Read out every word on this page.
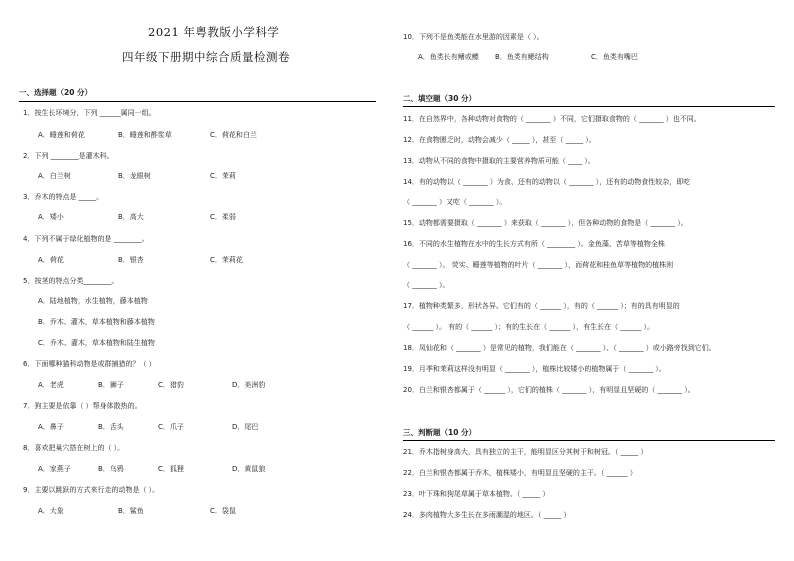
2021 年粤教版小学科学
四年级下册期中综合质量检测卷
一、选择题（20 分）
1．按生长环境分，下列 ______属同一组。
A．睡莲和荷花	B．睡莲和酢浆草	C．荷花和白兰
2．下列 ________是灌木科。
A．白兰树	B．龙眼树	C．茉莉
3．乔木的特点是 _____。
A．矮小	B．高大	C．柔弱
4．下列不属于绿化植物的是 ________。
A．荷花	B．银杏	C．茉莉花
5．按茎的特点分类________。
A．陆地植物，水生植物，藤本植物
B．乔木、灌木，草本植物和藤本植物
C．乔木、灌木，草本植物和陆生植物
6．下面哪种猫科动物是或群捕猎的？（ ）
A．老虎	B．狮子	C．猎豹	D．美洲豹
7．狗主要是依靠（ ）帮身体散热的。
A．鼻子	B．舌头	C．爪子	D．尾巴
8．喜欢把巢穴搭在树上的（ ）。
A．家燕子	B．乌鸦	C．狐狸	D．黄鼠狼
9．主要以跳跃的方式来行走的动物是（ ）。
A．大象	B．鲨鱼	C．袋鼠
10．下列不是鱼类能在水里游的因素是（ ）。
A．鱼类长有鳍或鳔 B．鱼类有鳃结构	C．鱼类有嘴巴
二、填空题（30 分）
11．在自然界中，各种动物对食物的（ _______ ）不同，它们摄取食物的（ _______ ）也不同。
12．在食物匮乏时，动物会减少（ _____ ），甚至（ _____ ）。
13．动物从不同的食物中摄取的主要营养物质可能（ ____ ）。
14．有的动物以（ _______ ）为食、还有的动物以（ _______ ），还有的动物食性较杂，即吃
（ _______ ）又吃（ _______ ）。
15．动物都需要摄取（ _______ ）来获取（ _______ ），但各种动物的食物是（ _______ ）。
16．不同的水生植物在水中的生长方式有所（ ________ ）。金鱼藻、苦草等植物全株
（ _______ ）。 荧实、睡莲等植物的叶片（ _______ ），而荷花和桂鱼草等植物的植株则
（ _______ ）。
17．植物种类繁多，形状各异。它们有的（ ______ ），有的（ ______ ）；有的具有明显的
（ ______ ）。 有的（ ______ ）；有的生长在（ ______ ），有生长在（ ______ ）。
18．凤仙花和（ _______ ）是常见的植物，我们能在（ _______ ）、（ _______ ）或小路旁找到它们。
19．月季和茉莉这样没有明显（ _______ ），植株比较矮小的植物属于（ _______ ）。
20．白兰和银杏都属于（ ______ ），它们的植株（ _______ ），有明显且坚硬的（ _______ ）。
三、判断题（10 分）
21．乔木指树身高大，具有独立的主干，能明显区分其树干和树冠。（ _____ ）
22．白兰和银杏都属于乔木，植株矮小，有明显且坚硬的主干。（ ______ ）
23．叶下珠和狗尾草属于草本植物。（ _____ ）
24．多肉植物大多生长在多雨潮湿的地区。（ _____ ）
